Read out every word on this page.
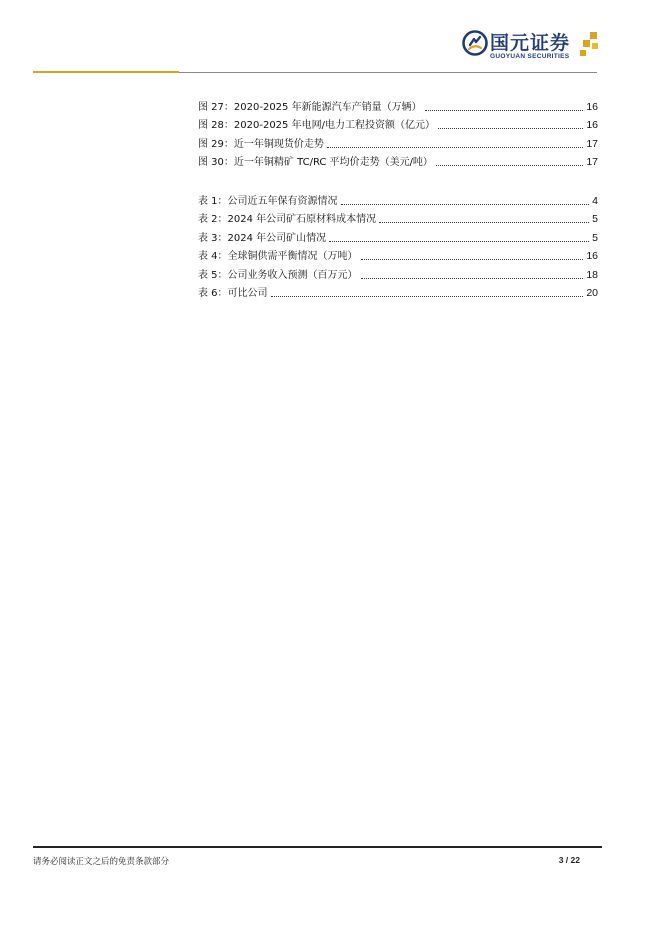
国元证券
GUOYUAN SECURITIES
图 27：2020-2025 年新能源汽车产销量（万辆）	16
图 28：2020-2025 年电网/电力工程投资额（亿元）	16
图 29：近一年铜现货价走势	17
图 30：近一年铜精矿 TC/RC 平均价走势（美元/吨）	17
表 1：公司近五年保有资源情况	4
表 2：2024 年公司矿石原材料成本情况	5
表 3：2024 年公司矿山情况	5
表 4：全球铜供需平衡情况（万吨）	16
表 5：公司业务收入预测（百万元）	18
表 6：可比公司	20
请务必阅读正文之后的免责条款部分	3 / 22
